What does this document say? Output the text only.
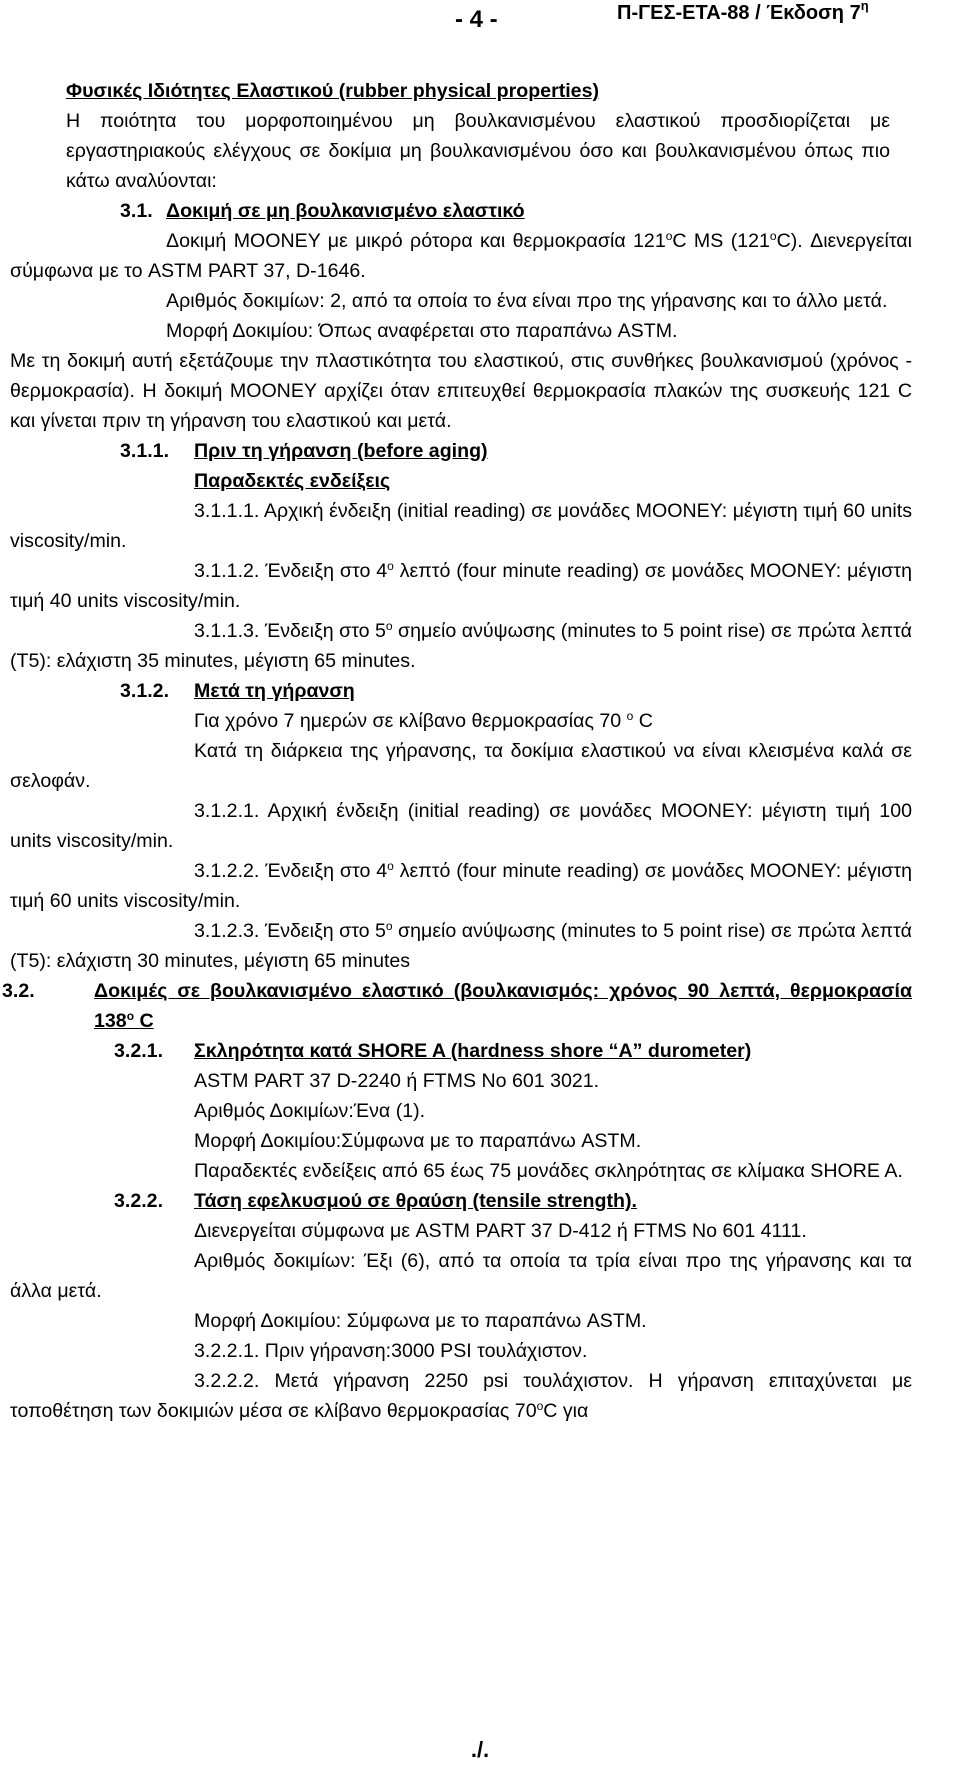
- 4 -	Π-ΓΕΣ-ΕΤΑ-88 / Έκδοση $7^\eta$

Φυσικές Ιδιότητες Ελαστικού (rubber physical properties)

Η ποιότητα του μορφοποιημένου μη βουλκανισμένου ελαστικού προσδιορίζεται με εργαστηριακούς ελέγχους σε δοκίμια μη βουλκανισμένου όσο και βουλκανισμένου όπως πιο κάτω αναλύονται:

3.1. Δοκιμή σε μη βουλκανισμένο ελαστικό

Δοκιμή MOONEY με μικρό ρότορα και θερμοκρασία $121^oC$ MS $(121^oC)$. Διενεργείται σύμφωνα με το ASTM PART 37, D-1646.

Αριθμός δοκιμίων: 2, από τα οποία το ένα είναι προ της γήρανσης και το άλλο μετά.

Μορφή Δοκιμίου: Όπως αναφέρεται στο παραπάνω ASTM.

Με τη δοκιμή αυτή εξετάζουμε την πλαστικότητα του ελαστικού, στις συνθήκες βουλκανισμού (χρόνος - θερμοκρασία). Η δοκιμή MOONEY αρχίζει όταν επιτευχθεί θερμοκρασία πλακών της συσκευής 121 C και γίνεται πριν τη γήρανση του ελαστικού και μετά.

3.1.1. Πριν τη γήρανση (before aging)

Παραδεκτές ενδείξεις

3.1.1.1. Αρχική ένδειξη (initial reading) σε μονάδες MOONEY: μέγιστη τιμή 60 units viscosity/min.

3.1.1.2. Ένδειξη στο $4^o$ λεπτό (four minute reading) σε μονάδες MOONEY: μέγιστη τιμή 40 units viscosity/min.

3.1.1.3. Ένδειξη στο $5^o$ σημείο ανύψωσης (minutes to 5 point rise) σε πρώτα λεπτά (Τ5): ελάχιστη 35 minutes, μέγιστη 65 minutes.

3.1.2. Μετά τη γήρανση

Για χρόνο 7 ημερών σε κλίβανο θερμοκρασίας 70 $^o$ C

Κατά τη διάρκεια της γήρανσης, τα δοκίμια ελαστικού να είναι κλεισμένα καλά σε σελοφάν.

3.1.2.1. Αρχική ένδειξη (initial reading) σε μονάδες MOONEY: μέγιστη τιμή 100 units viscosity/min.

3.1.2.2. Ένδειξη στο $4^o$ λεπτό (four minute reading) σε μονάδες MOONEY: μέγιστη τιμή 60 units viscosity/min.

3.1.2.3. Ένδειξη στο $5^o$ σημείο ανύψωσης (minutes to 5 point rise) σε πρώτα λεπτά (Τ5): ελάχιστη 30 minutes, μέγιστη 65 minutes

3.2.	Δοκιμές σε βουλκανισμένο ελαστικό (βουλκανισμός: χρόνος 90 λεπτά, θερμοκρασία $138^o$ C

3.2.1. Σκληρότητα κατά SHORE A (hardness shore “A” durometer)

ASTM PART 37 D-2240 ή FTMS No 601 3021.

Αριθμός Δοκιμίων:Ένα (1).

Μορφή Δοκιμίου:Σύμφωνα με το παραπάνω ASTM.

Παραδεκτές ενδείξεις από 65 έως 75 μονάδες σκληρότητας σε κλίμακα SHORE A.

3.2.2. Τάση εφελκυσμού σε θραύση (tensile strength).

Διενεργείται σύμφωνα με ASTM PART 37 D-412 ή FTMS No 601 4111.

Αριθμός δοκιμίων: Έξι (6), από τα οποία τα τρία είναι προ της γήρανσης και τα άλλα μετά.

Μορφή Δοκιμίου: Σύμφωνα με το παραπάνω ASTM.

3.2.2.1. Πριν γήρανση:3000 PSI τουλάχιστον.

3.2.2.2. Μετά γήρανση 2250 psi τουλάχιστον. Η γήρανση επιταχύνεται με τοποθέτηση των δοκιμιών μέσα σε κλίβανο θερμοκρασίας $70^oC$ για

./.
